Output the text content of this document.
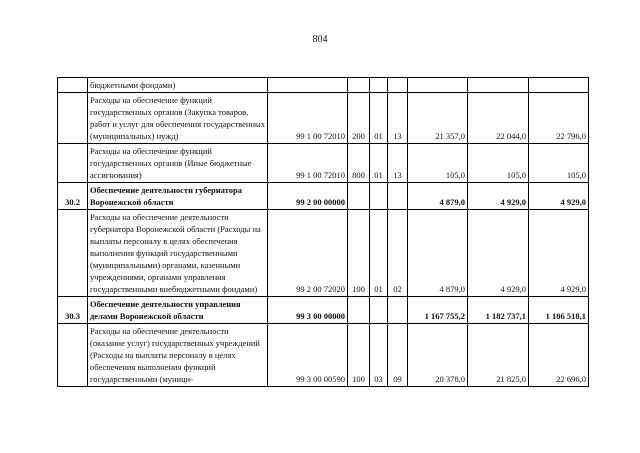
804
	бюджетными фондами)							
	Расходы на обеспечение функций государственных органов (Закупка товаров, работ и услуг для обеспечения государственных (муниципальных) нужд)	99 1 00 72010	200	01	13	21 357,0	22 044,0	22 796,0
	Расходы на обеспечение функций государственных органов (Иные бюджетные ассигнования)	99 1 00 72010	800	01	13	105,0	105,0	105,0
30.2	Обеспечение деятельности губернатора Воронежской области	99 2 00 00000				4 879,0	4 929,0	4 929,0
	Расходы на обеспечение деятельности губернатора Воронежской области (Расходы на выплаты персоналу в целях обеспечения выполнения функций государственными (муниципальными) органами, казенными учреждениями, органами управления государственными внебюджетными фондами)	99 2 00 72020	100	01	02	4 879,0	4 929,0	4 929,0
30.3	Обеспечение деятельности управления делами Воронежской области	99 3 00 00000				1 167 755,2	1 182 737,1	1 186 518,1
	Расходы на обеспечение деятельности (оказание услуг) государственных учреждений (Расходы на выплаты персоналу в целях обеспечения выполнения функций государственными (муници-	99 3 00 00590	100	03	09	20 378,0	21 825,0	22 696,0
